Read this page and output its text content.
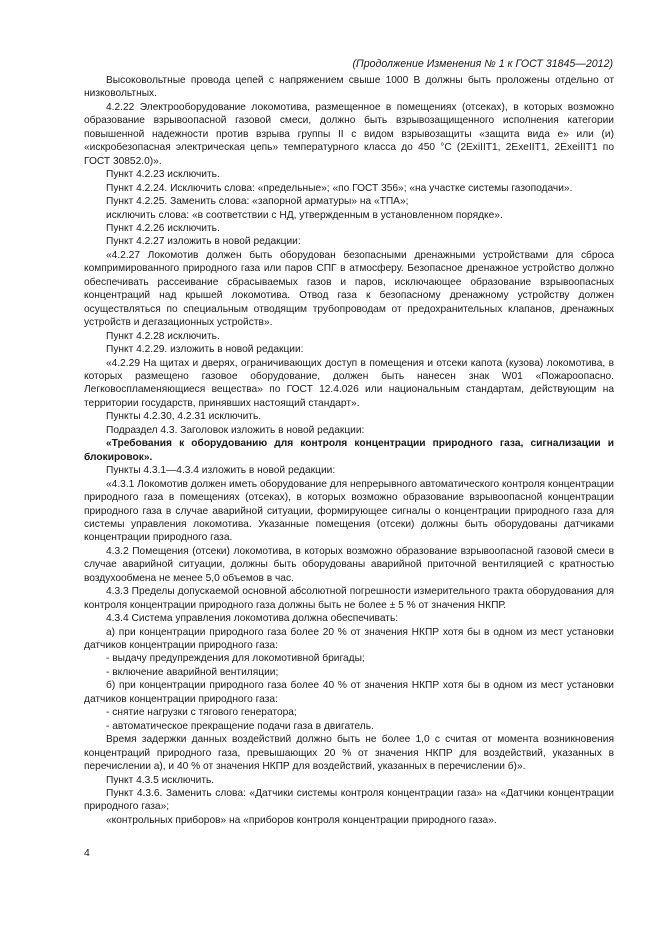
(Продолжение Изменения № 1 к ГОСТ 31845—2012)

Высоковольтные провода цепей с напряжением свыше 1000 В должны быть проложены отдельно от низковольтных.

4.2.22 Электрооборудование локомотива, размещенное в помещениях (отсеках), в которых возможно образование взрывоопасной газовой смеси, должно быть взрывозащищенного исполнения категории повышенной надежности против взрыва группы II с видом взрывозащиты «защита вида е» или (и) «искробезопасная электрическая цепь» температурного класса до 450 °С (2ExiIIT1, 2ExeIIT1, 2ExeiIIT1 по ГОСТ 30852.0)».

Пункт 4.2.23 исключить.

Пункт 4.2.24. Исключить слова: «предельные»; «по ГОСТ 356»; «на участке системы газоподачи».

Пункт 4.2.25. Заменить слова: «запорной арматуры» на «ТПА»;

исключить слова: «в соответствии с НД, утвержденным в установленном порядке».

Пункт 4.2.26 исключить.

Пункт 4.2.27 изложить в новой редакции:

«4.2.27 Локомотив должен быть оборудован безопасными дренажными устройствами для сброса компримированного природного газа или паров СПГ в атмосферу. Безопасное дренажное устройство должно обеспечивать рассеивание сбрасываемых газов и паров, исключающее образование взрывоопасных концентраций над крышей локомотива. Отвод газа к безопасному дренажному устройству должен осуществляться по специальным отводящим трубопроводам от предохранительных клапанов, дренажных устройств и дегазационных устройств».

Пункт 4.2.28 исключить.

Пункт 4.2.29. изложить в новой редакции:

«4.2.29 На щитах и дверях, ограничивающих доступ в помещения и отсеки капота (кузова) локомотива, в которых размещено газовое оборудование, должен быть нанесен знак W01 «Пожароопасно. Легковоспламеняющиеся вещества» по ГОСТ 12.4.026 или национальным стандартам, действующим на территории государств, принявших настоящий стандарт».

Пункты 4.2.30, 4.2.31 исключить.

Подраздел 4.3. Заголовок изложить в новой редакции:

«Требования к оборудованию для контроля концентрации природного газа, сигнализации и блокировок».

Пункты 4.3.1—4.3.4 изложить в новой редакции:

«4.3.1 Локомотив должен иметь оборудование для непрерывного автоматического контроля концентрации природного газа в помещениях (отсеках), в которых возможно образование взрывоопасной концентрации природного газа в случае аварийной ситуации, формирующее сигналы о концентрации природного газа для системы управления локомотива. Указанные помещения (отсеки) должны быть оборудованы датчиками концентрации природного газа.

4.3.2 Помещения (отсеки) локомотива, в которых возможно образование взрывоопасной газовой смеси в случае аварийной ситуации, должны быть оборудованы аварийной приточной вентиляцией с кратностью воздухообмена не менее 5,0 объемов в час.

4.3.3 Пределы допускаемой основной абсолютной погрешности измерительного тракта оборудования для контроля концентрации природного газа должны быть не более ± 5 % от значения НКПР.

4.3.4 Система управления локомотива должна обеспечивать:

а) при концентрации природного газа более 20 % от значения НКПР хотя бы в одном из мест установки датчиков концентрации природного газа:

- выдачу предупреждения для локомотивной бригады;

- включение аварийной вентиляции;

б) при концентрации природного газа более 40 % от значения НКПР хотя бы в одном из мест установки датчиков концентрации природного газа:

- снятие нагрузки с тягового генератора;

- автоматическое прекращение подачи газа в двигатель.

Время задержки данных воздействий должно быть не более 1,0 с считая от момента возникновения концентраций природного газа, превышающих 20 % от значения НКПР для воздействий, указанных в перечислении а), и 40 % от значения НКПР для воздействий, указанных в перечислении б)».

Пункт 4.3.5 исключить.

Пункт 4.3.6. Заменить слова: «Датчики системы контроля концентрации газа» на «Датчики концентрации природного газа»;

«контрольных приборов» на «приборов контроля концентрации природного газа».

4
